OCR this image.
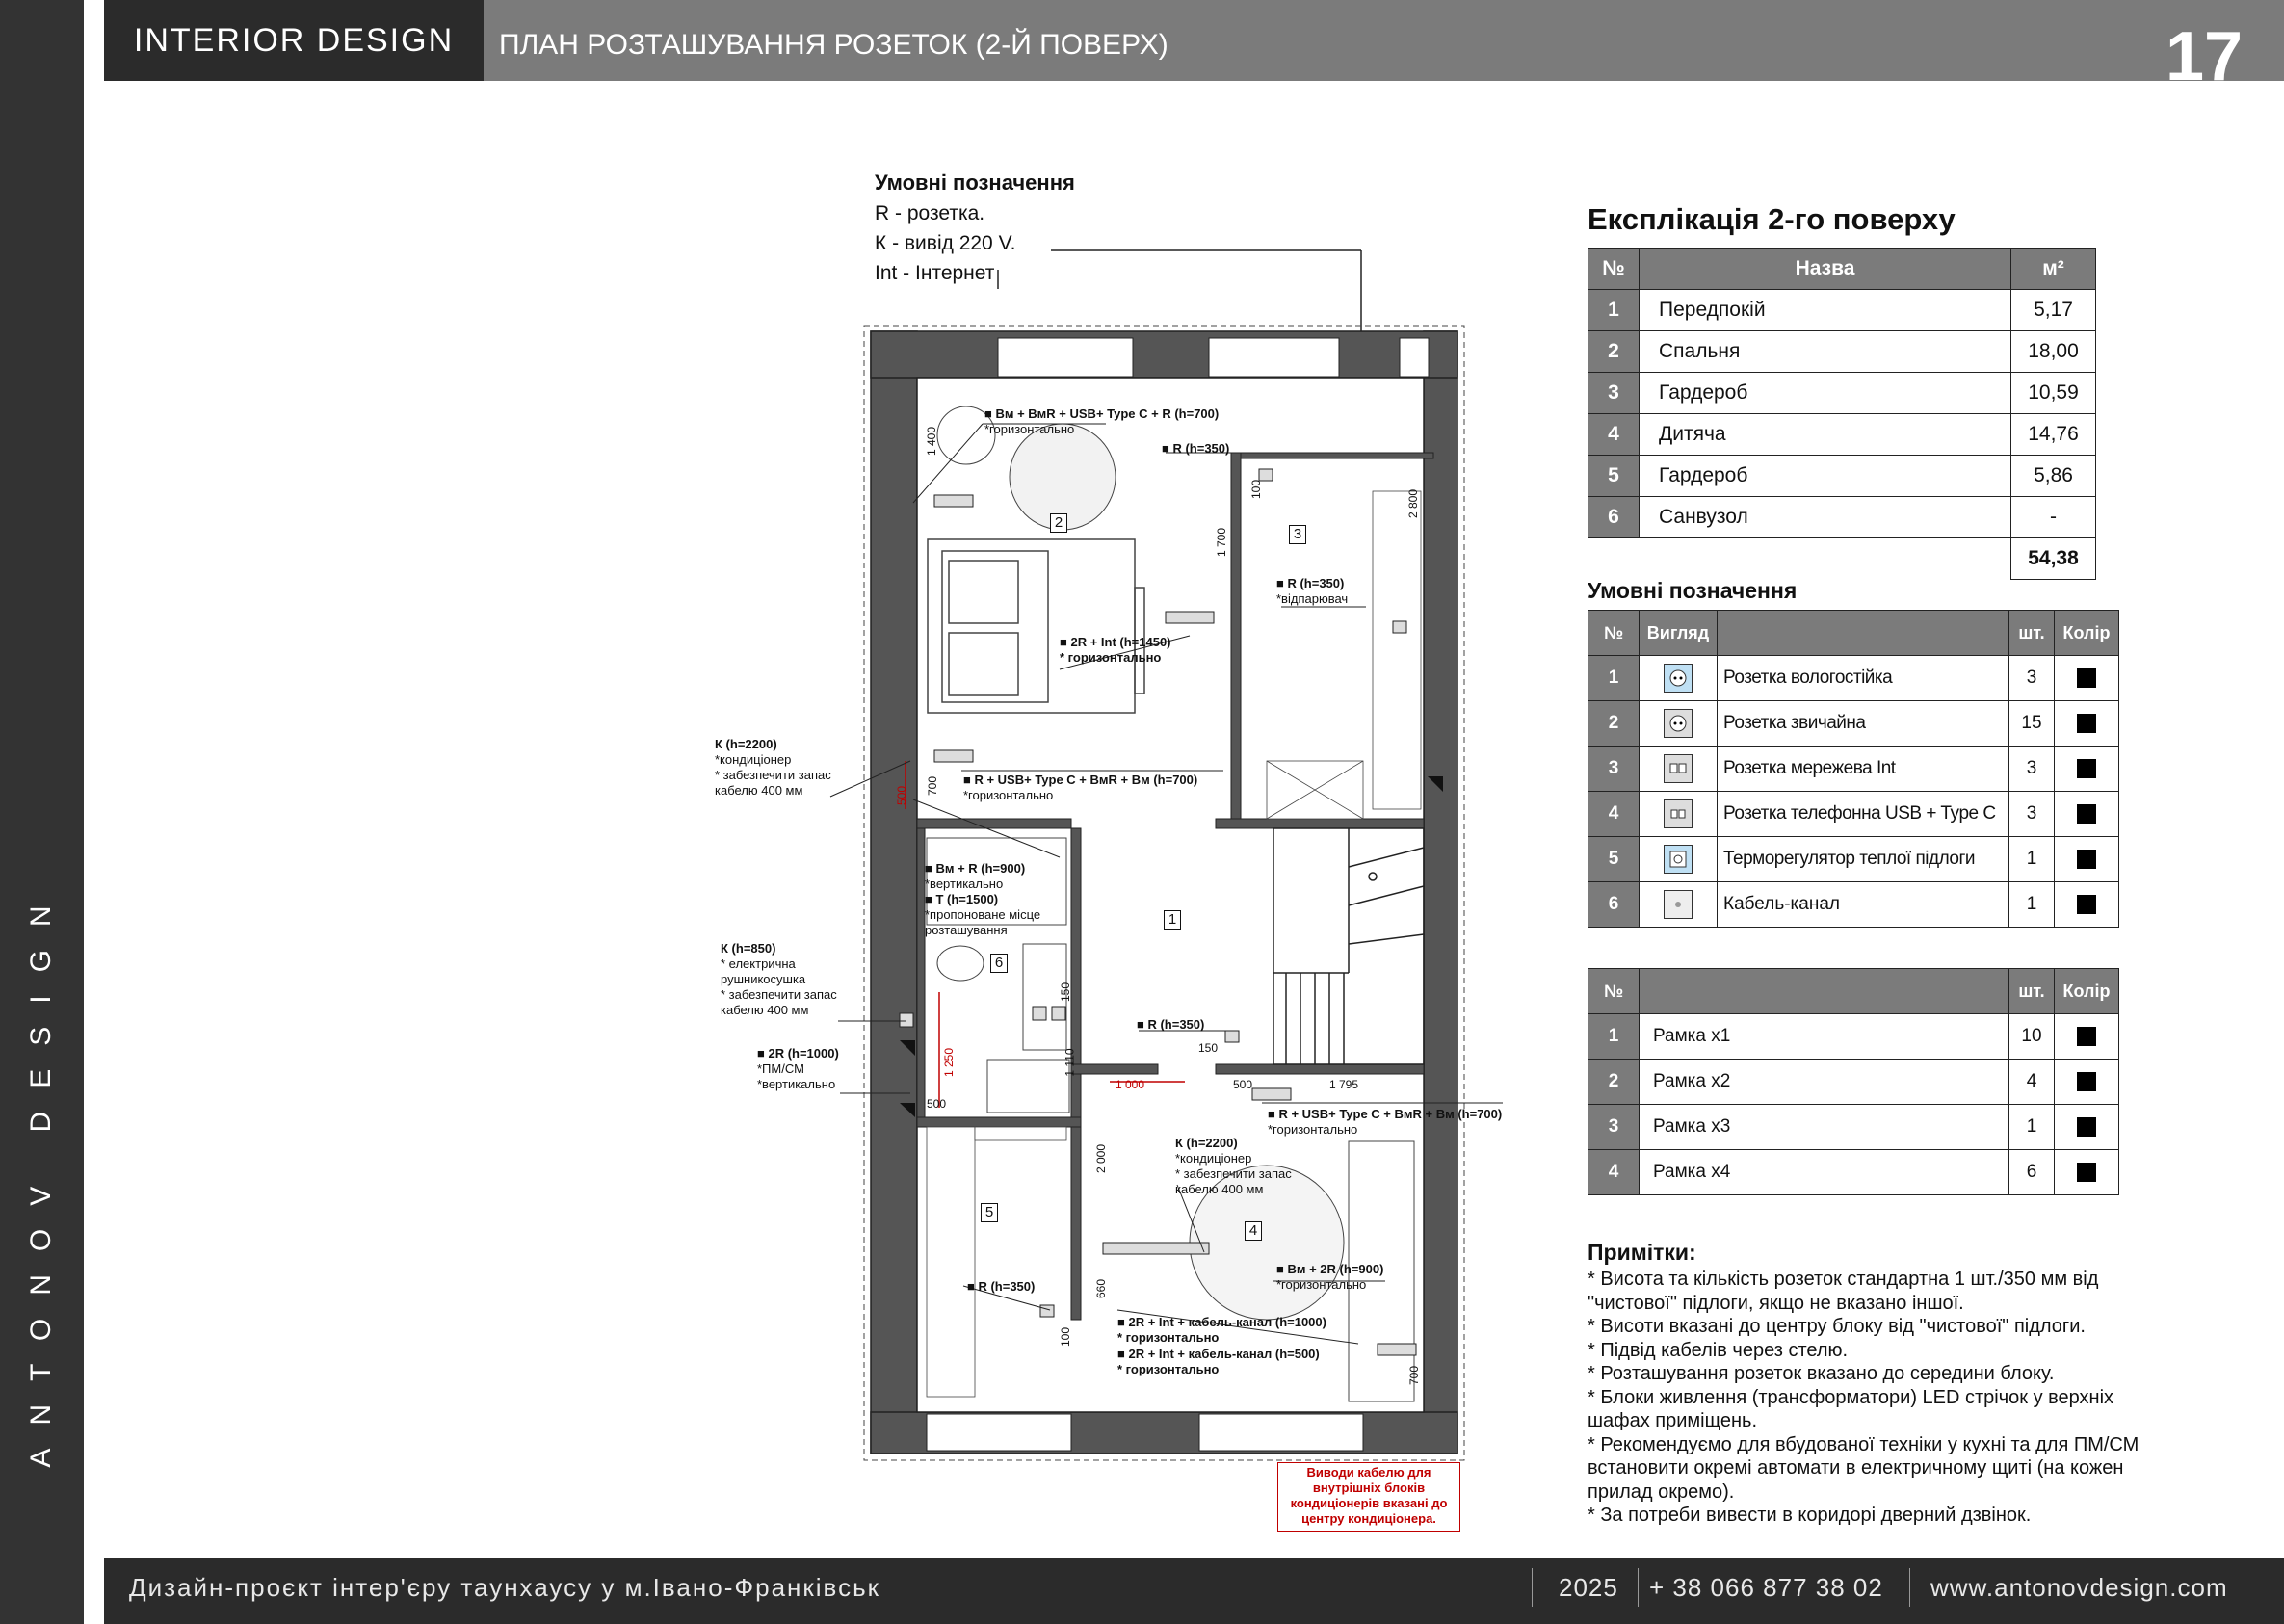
ANTONOV DESIGN
INTERIOR DESIGN	ПЛАН РОЗТАШУВАННЯ РОЗЕТОК (2-Й ПОВЕРХ)	17
Умовні позначення
R - розетка.
К - вивід 220 V.
Int - Інтернет
1
2
3
4
5
6
■ Вм + ВмR + USB+ Type C + R (h=700)
*горизонтально
■ R (h=350)
■ R (h=350)
*відпарювач
■ 2R + Int (h=1450)
* горизонтально
К (h=2200)
*кондиціонер
* забезпечити запас
кабелю 400 мм
■ R + USB+ Type C + ВмR + Вм (h=700)
*горизонтально
■ Вм + R (h=900)
*вертикально
■ Т (h=1500)
*пропоноване місце
розташування
К (h=850)
* електрична
рушникосушка
* забезпечити запас
кабелю 400 мм
■ 2R (h=1000)
*ПМ/СМ
*вертикально
■ R (h=350)
■ R + USB+ Type C + ВмR + Вм (h=700)
*горизонтально
К (h=2200)
*кондиціонер
* забезпечити запас
кабелю 400 мм
■ R (h=350)
■ Вм + 2R (h=900)
*горизонтально
■ 2R + Int + кабель-канал (h=1000)
* горизонтально
■ 2R + Int + кабель-канал (h=500)
* горизонтально
1 400
100
1 700
2 800
500 700
150
1 250	1 110
500
150
1 000	500	1 795
2 000
660
100
700
Виводи кабелю для внутрішніх блоків кондиціонерів вказані до центру кондиціонера.
Експлікація 2-го поверху
№	Назва	м²
1	Передпокій	5,17
2	Спальня	18,00
3	Гардероб	10,59
4	Дитяча	14,76
5	Гардероб	5,86
6	Санвузол	-
		54,38
Умовні позначення
№	Вигляд		шт.	Колір
1		Розетка вологостійка	3	
2		Розетка звичайна	15	
3		Розетка мережева Int	3	
4		Розетка телефонна USB + Type C	3	
5		Терморегулятор теплої підлоги	1	
6		Кабель-канал	1	
№		шт.	Колір
1	Рамка х1	10	
2	Рамка х2	4	
3	Рамка х3	1	
4	Рамка х4	6	
Примітки:
* Висота та кількість розеток стандартна 1 шт./350 мм від
"чистової" підлоги, якщо не вказано іншої.
* Висоти вказані до центру блоку від "чистової" підлоги.
* Підвід кабелів через стелю.
* Розташування розеток вказано до середини блоку.
* Блоки живлення (трансформатори) LED стрічок у верхніх
шафах приміщень.
* Рекомендуємо для вбудованої техніки у кухні та для ПМ/СМ
встановити окремі автомати в електричному щиті (на кожен
прилад окремо).
* За потреби вивести в коридорі дверний дзвінок.
Дизайн-проєкт інтер'єру таунхаусу у м.Івано-Франківськ	2025 + 38 066 877 38 02 www.antonovdesign.com
